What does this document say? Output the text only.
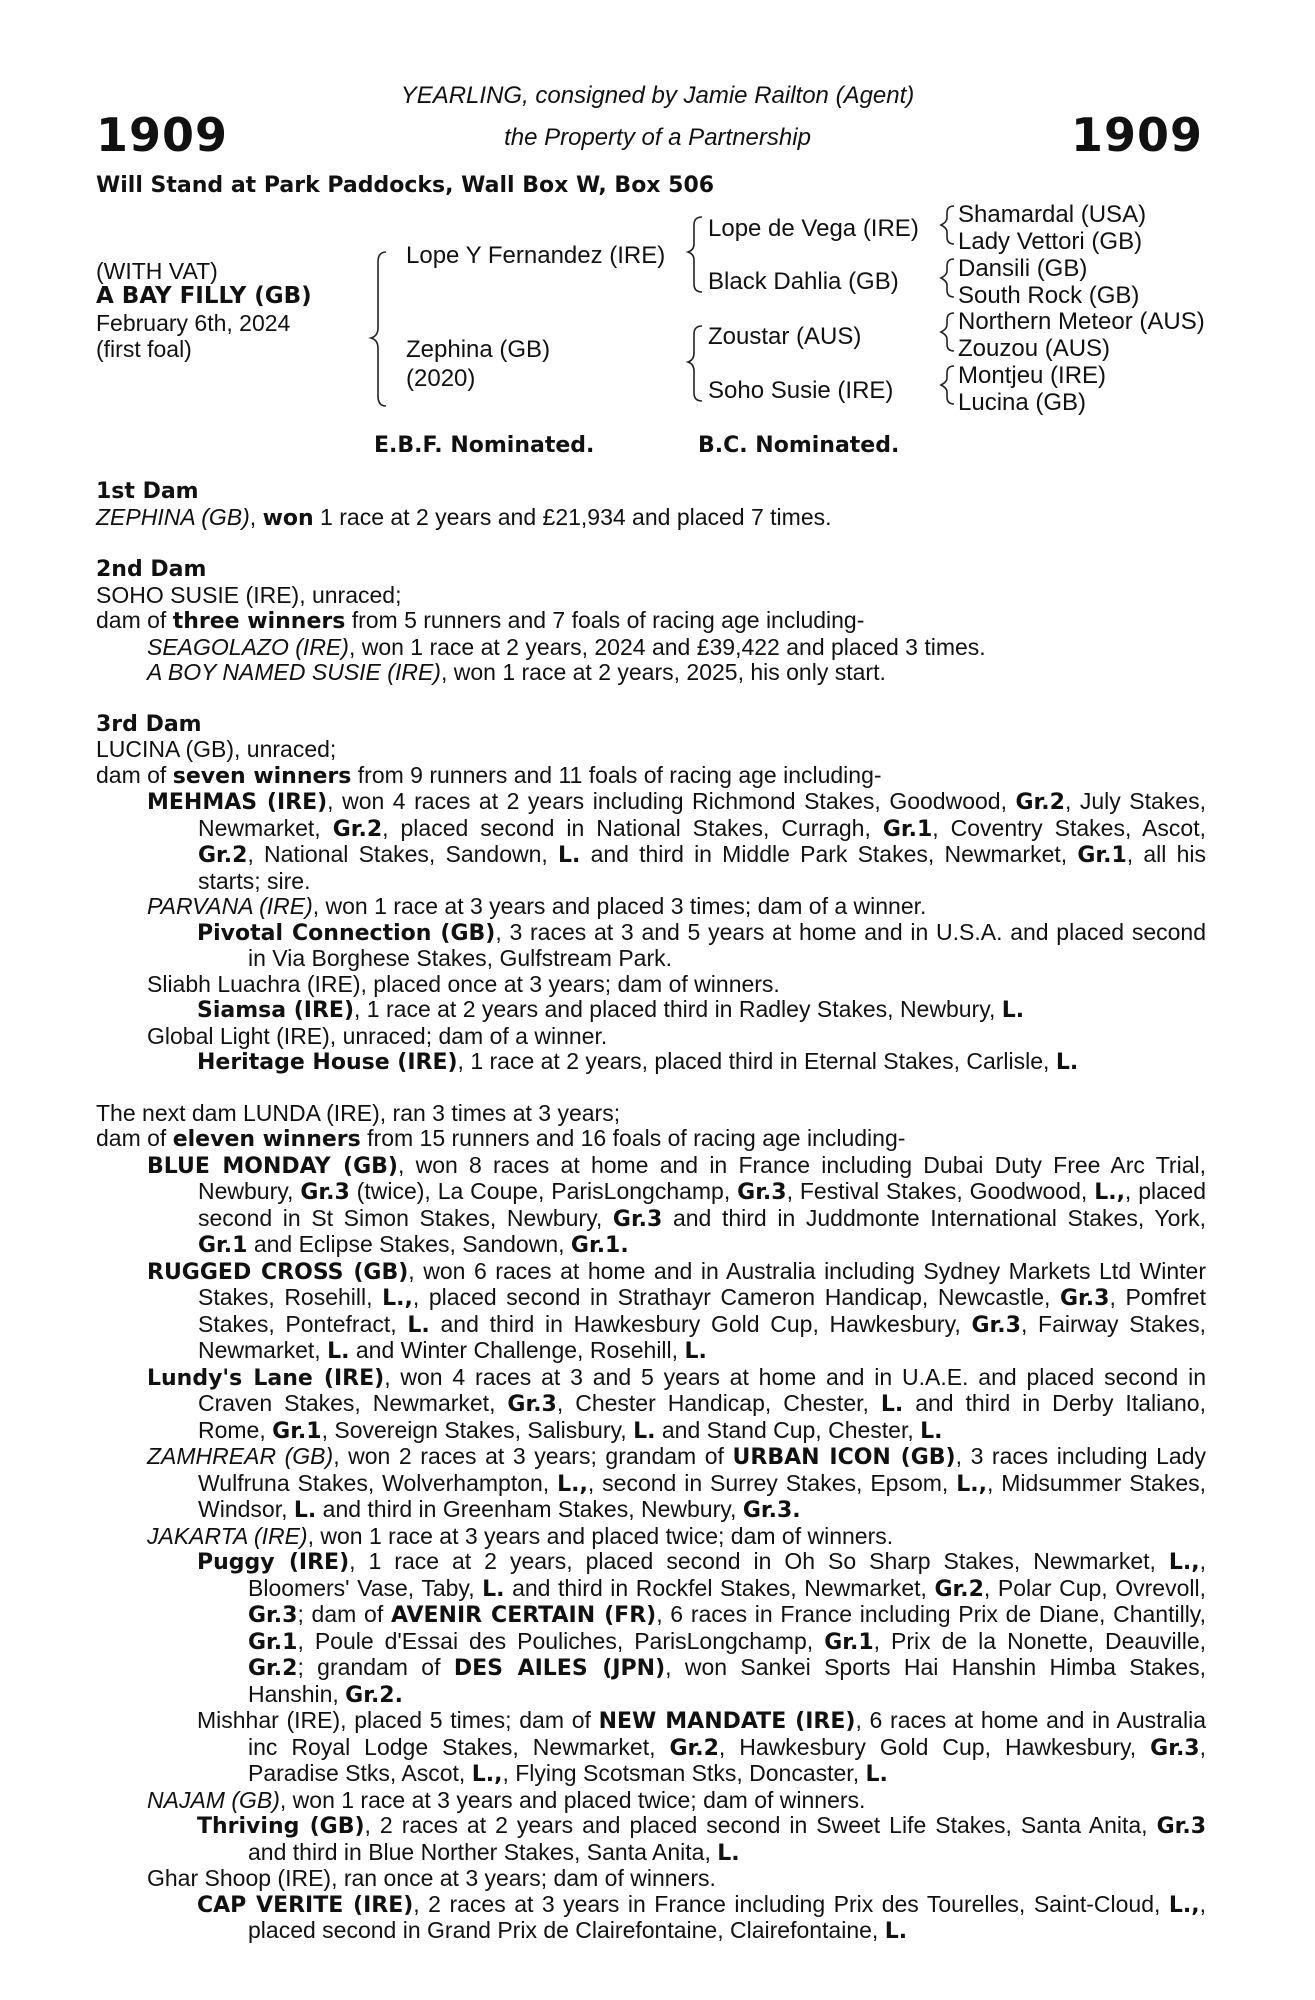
1909	1909
YEARLING, consigned by Jamie Railton (Agent)
the Property of a Partnership
Will Stand at Park Paddocks, Wall Box W, Box 506
(WITH VAT)
A BAY FILLY (GB)
February 6th, 2024
(first foal)
Lope Y Fernandez (IRE)
Zephina (GB)
(2020)
Lope de Vega (IRE)
Black Dahlia (GB)
Zoustar (AUS)
Soho Susie (IRE)
Shamardal (USA)
Lady Vettori (GB)
Dansili (GB)
South Rock (GB)
Northern Meteor (AUS)
Zouzou (AUS)
Montjeu (IRE)
Lucina (GB)
E.B.F. Nominated.	B.C. Nominated.

1st Dam

ZEPHINA (GB), won 1 race at 2 years and £21,934 and placed 7 times.

2nd Dam

SOHO SUSIE (IRE), unraced;

dam of three winners from 5 runners and 7 foals of racing age including-

SEAGOLAZO (IRE), won 1 race at 2 years, 2024 and £39,422 and placed 3 times.

A BOY NAMED SUSIE (IRE), won 1 race at 2 years, 2025, his only start.

3rd Dam

LUCINA (GB), unraced;

dam of seven winners from 9 runners and 11 foals of racing age including-

MEHMAS (IRE), won 4 races at 2 years including Richmond Stakes, Goodwood, Gr.2, July Stakes, Newmarket, Gr.2, placed second in National Stakes, Curragh, Gr.1, Coventry Stakes, Ascot, Gr.2, National Stakes, Sandown, L. and third in Middle Park Stakes, Newmarket, Gr.1, all his starts; sire.

PARVANA (IRE), won 1 race at 3 years and placed 3 times; dam of a winner.

Pivotal Connection (GB), 3 races at 3 and 5 years at home and in U.S.A. and placed second in Via Borghese Stakes, Gulfstream Park.

Sliabh Luachra (IRE), placed once at 3 years; dam of winners.

Siamsa (IRE), 1 race at 2 years and placed third in Radley Stakes, Newbury, L.

Global Light (IRE), unraced; dam of a winner.

Heritage House (IRE), 1 race at 2 years, placed third in Eternal Stakes, Carlisle, L.

The next dam LUNDA (IRE), ran 3 times at 3 years;

dam of eleven winners from 15 runners and 16 foals of racing age including-

BLUE MONDAY (GB), won 8 races at home and in France including Dubai Duty Free Arc Trial, Newbury, Gr.3 (twice), La Coupe, ParisLongchamp, Gr.3, Festival Stakes, Goodwood, L.,, placed second in St Simon Stakes, Newbury, Gr.3 and third in Juddmonte International Stakes, York, Gr.1 and Eclipse Stakes, Sandown, Gr.1.

RUGGED CROSS (GB), won 6 races at home and in Australia including Sydney Markets Ltd Winter Stakes, Rosehill, L.,, placed second in Strathayr Cameron Handicap, Newcastle, Gr.3, Pomfret Stakes, Pontefract, L. and third in Hawkesbury Gold Cup, Hawkesbury, Gr.3, Fairway Stakes, Newmarket, L. and Winter Challenge, Rosehill, L.

Lundy's Lane (IRE), won 4 races at 3 and 5 years at home and in U.A.E. and placed second in Craven Stakes, Newmarket, Gr.3, Chester Handicap, Chester, L. and third in Derby Italiano, Rome, Gr.1, Sovereign Stakes, Salisbury, L. and Stand Cup, Chester, L.

ZAMHREAR (GB), won 2 races at 3 years; grandam of URBAN ICON (GB), 3 races including Lady Wulfruna Stakes, Wolverhampton, L.,, second in Surrey Stakes, Epsom, L.,, Midsummer Stakes, Windsor, L. and third in Greenham Stakes, Newbury, Gr.3.

JAKARTA (IRE), won 1 race at 3 years and placed twice; dam of winners.

Puggy (IRE), 1 race at 2 years, placed second in Oh So Sharp Stakes, Newmarket, L.,, Bloomers' Vase, Taby, L. and third in Rockfel Stakes, Newmarket, Gr.2, Polar Cup, Ovrevoll, Gr.3; dam of AVENIR CERTAIN (FR), 6 races in France including Prix de Diane, Chantilly, Gr.1, Poule d'Essai des Pouliches, ParisLongchamp, Gr.1, Prix de la Nonette, Deauville, Gr.2; grandam of DES AILES (JPN), won Sankei Sports Hai Hanshin Himba Stakes, Hanshin, Gr.2.

Mishhar (IRE), placed 5 times; dam of NEW MANDATE (IRE), 6 races at home and in Australia inc Royal Lodge Stakes, Newmarket, Gr.2, Hawkesbury Gold Cup, Hawkesbury, Gr.3, Paradise Stks, Ascot, L.,, Flying Scotsman Stks, Doncaster, L.

NAJAM (GB), won 1 race at 3 years and placed twice; dam of winners.

Thriving (GB), 2 races at 2 years and placed second in Sweet Life Stakes, Santa Anita, Gr.3 and third in Blue Norther Stakes, Santa Anita, L.

Ghar Shoop (IRE), ran once at 3 years; dam of winners.

CAP VERITE (IRE), 2 races at 3 years in France including Prix des Tourelles, Saint-Cloud, L.,, placed second in Grand Prix de Clairefontaine, Clairefontaine, L.
